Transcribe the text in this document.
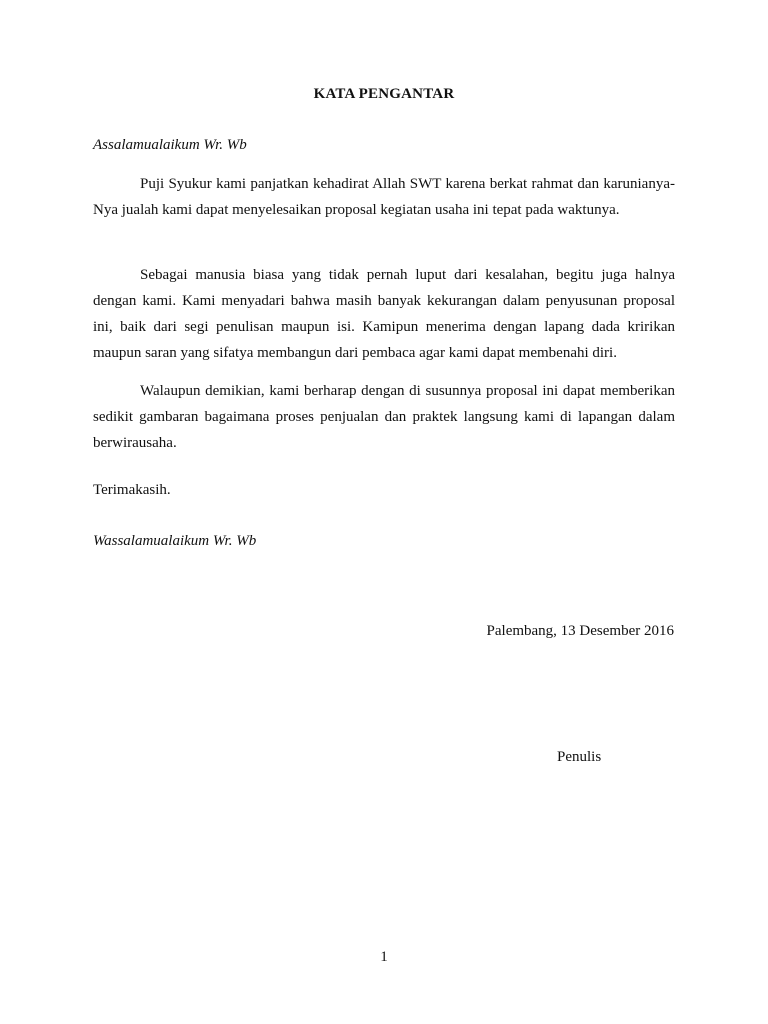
KATA PENGANTAR
Assalamualaikum Wr. Wb

Puji Syukur kami panjatkan kehadirat Allah SWT karena berkat rahmat dan karunianya-Nya jualah kami dapat menyelesaikan proposal kegiatan usaha ini tepat pada waktunya.

Sebagai manusia biasa yang tidak pernah luput dari kesalahan, begitu juga halnya dengan kami. Kami menyadari bahwa masih banyak kekurangan dalam penyusunan proposal ini, baik dari segi penulisan maupun isi. Kamipun menerima dengan lapang dada kririkan maupun saran yang sifatya membangun dari pembaca agar kami dapat membenahi diri.

Walaupun demikian, kami berharap dengan di susunnya proposal ini dapat memberikan sedikit gambaran bagaimana proses penjualan dan praktek langsung kami di lapangan dalam berwirausaha.

Terimakasih.
Wassalamualaikum Wr. Wb
Palembang, 13 Desember 2016
Penulis
1
